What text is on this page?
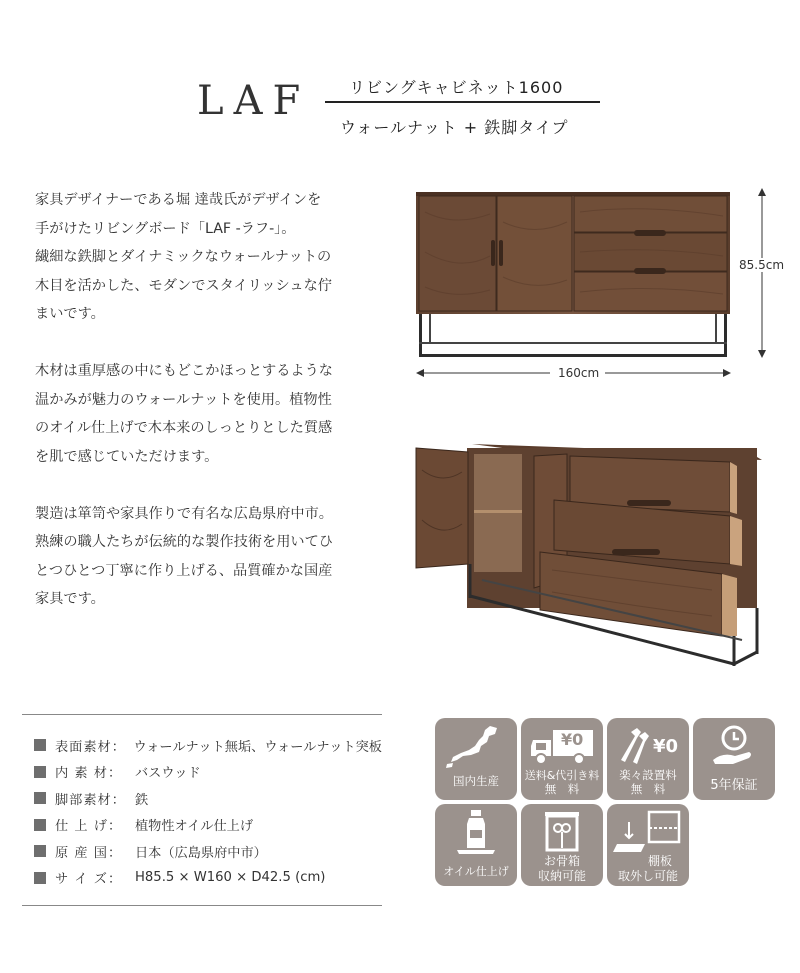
LAF リビングキャビネット1600
ウォールナット + 鉄脚タイプ

家具デザイナーである堀 達哉氏がデザインを
手がけたリビングボード「LAF -ラフ-」。
繊細な鉄脚とダイナミックなウォールナットの
木目を活かした、モダンでスタイリッシュな佇
まいです。

木材は重厚感の中にもどこかほっとするような
温かみが魅力のウォールナットを使用。植物性
のオイル仕上げで木本来のしっとりとした質感
を肌で感じていただけます。

製造は箪笥や家具作りで有名な広島県府中市。
熟練の職人たちが伝統的な製作技術を用いてひ
とつひとつ丁寧に作り上げる、品質確かな国産
家具です。

85.5cm
160cm
表面素材： ウォールナット無垢、ウォールナット突板
内 素 材： バスウッド
脚部素材： 鉄
仕 上 げ： 植物性オイル仕上げ
原 産 国： 日本（広島県府中市）
サ イ ズ： H85.5 × W160 × D42.5 (cm)
国内生産
¥0
送料&代引き料
無　料
¥0
楽々設置料
無　料	5年保証
オイル仕上げ
お骨箱
収納可能
棚板
取外し可能
